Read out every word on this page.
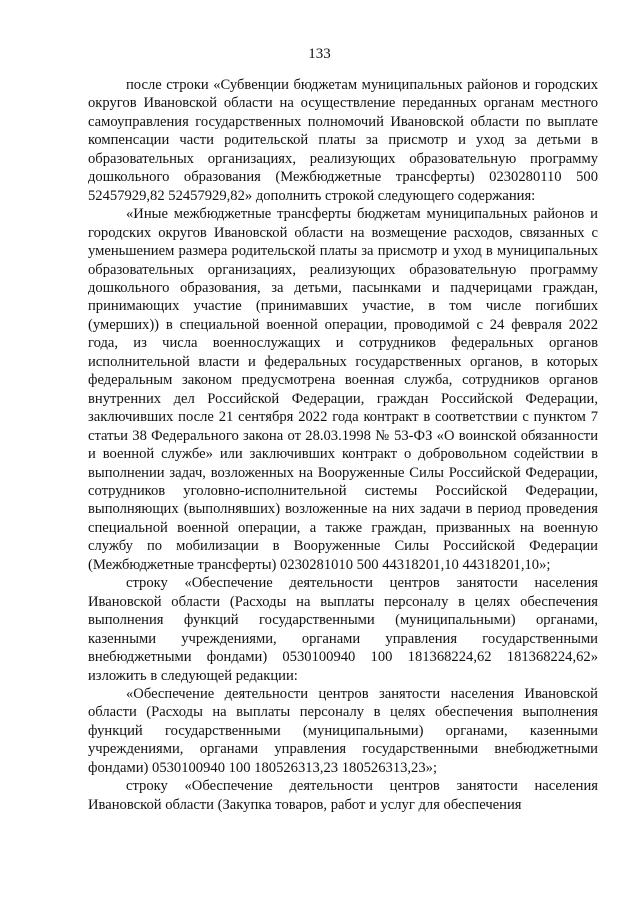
133

после строки «Субвенции бюджетам муниципальных районов и городских округов Ивановской области на осуществление переданных органам местного самоуправления государственных полномочий Ивановской области по выплате компенсации части родительской платы за присмотр и уход за детьми в образовательных организациях, реализующих образовательную программу дошкольного образования (Межбюджетные трансферты) 0230280110 500 52457929,82 52457929,82» дополнить строкой следующего содержания:

«Иные межбюджетные трансферты бюджетам муниципальных районов и городских округов Ивановской области на возмещение расходов, связанных с уменьшением размера родительской платы за присмотр и уход в муниципальных образовательных организациях, реализующих образовательную программу дошкольного образования, за детьми, пасынками и падчерицами граждан, принимающих участие (принимавших участие, в том числе погибших (умерших)) в специальной военной операции, проводимой с 24 февраля 2022 года, из числа военнослужащих и сотрудников федеральных органов исполнительной власти и федеральных государственных органов, в которых федеральным законом предусмотрена военная служба, сотрудников органов внутренних дел Российской Федерации, граждан Российской Федерации, заключивших после 21 сентября 2022 года контракт в соответствии с пунктом 7 статьи 38 Федерального закона от 28.03.1998 № 53-ФЗ «О воинской обязанности и военной службе» или заключивших контракт о добровольном содействии в выполнении задач, возложенных на Вооруженные Силы Российской Федерации, сотрудников уголовно-исполнительной системы Российской Федерации, выполняющих (выполнявших) возложенные на них задачи в период проведения специальной военной операции, а также граждан, призванных на военную службу по мобилизации в Вооруженные Силы Российской Федерации (Межбюджетные трансферты) 0230281010 500 44318201,10 44318201,10»;

строку «Обеспечение деятельности центров занятости населения Ивановской области (Расходы на выплаты персоналу в целях обеспечения выполнения функций государственными (муниципальными) органами, казенными учреждениями, органами управления государственными внебюджетными фондами) 0530100940 100 181368224,62 181368224,62» изложить в следующей редакции:

«Обеспечение деятельности центров занятости населения Ивановской области (Расходы на выплаты персоналу в целях обеспечения выполнения функций государственными (муниципальными) органами, казенными учреждениями, органами управления государственными внебюджетными фондами) 0530100940 100 180526313,23 180526313,23»;

строку «Обеспечение деятельности центров занятости населения Ивановской области (Закупка товаров, работ и услуг для обеспечения
